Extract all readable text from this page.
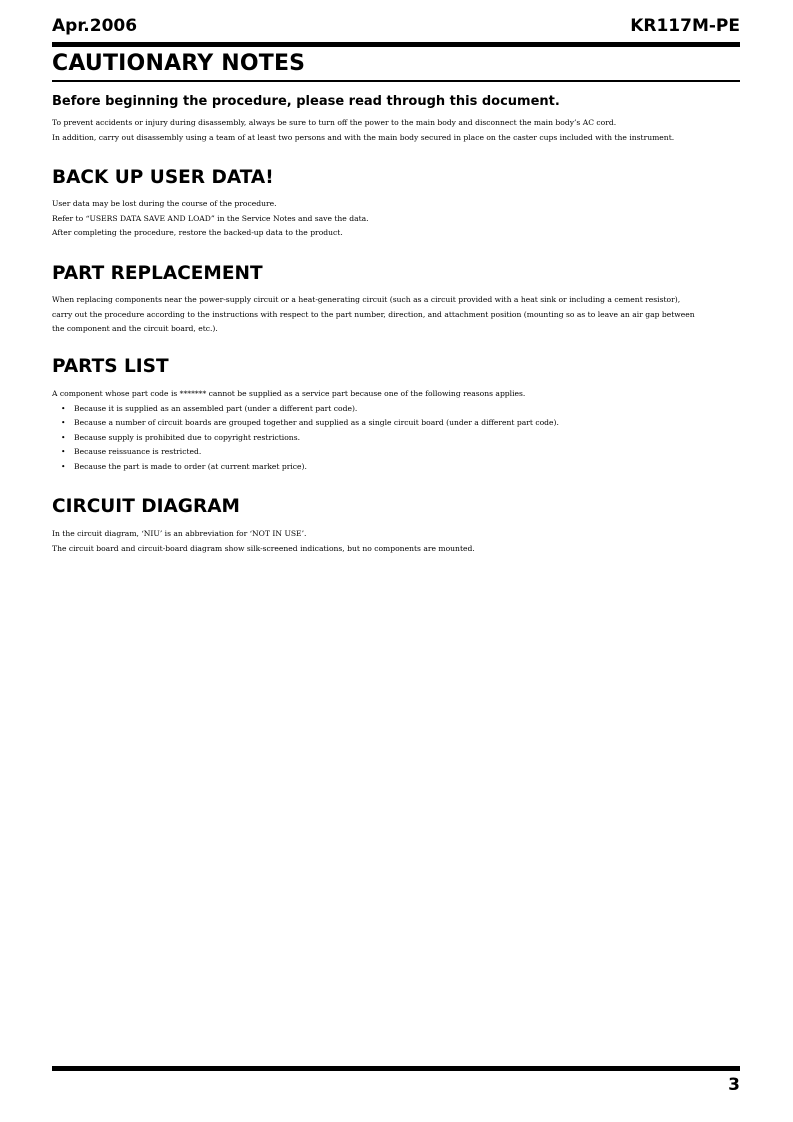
Apr.2006	KR117M-PE
CAUTIONARY NOTES
Before beginning the procedure, please read through this document.

To prevent accidents or injury during disassembly, always be sure to turn off the power to the main body and disconnect the main body’s AC cord.

In addition, carry out disassembly using a team of at least two persons and with the main body secured in place on the caster cups included with the instrument.

BACK UP USER DATA!

User data may be lost during the course of the procedure.

Refer to “USERS DATA SAVE AND LOAD” in the Service Notes and save the data.

After completing the procedure, restore the backed-up data to the product.

PART REPLACEMENT

When replacing components near the power-supply circuit or a heat-generating circuit (such as a circuit provided with a heat sink or including a cement resistor),

carry out the procedure according to the instructions with respect to the part number, direction, and attachment position (mounting so as to leave an air gap between

the component and the circuit board, etc.).

PARTS LIST

A component whose part code is ******* cannot be supplied as a service part because one of the following reasons applies.

• Because it is supplied as an assembled part (under a different part code).
• Because a number of circuit boards are grouped together and supplied as a single circuit board (under a different part code).
• Because supply is prohibited due to copyright restrictions.
• Because reissuance is restricted.
• Because the part is made to order (at current market price).
CIRCUIT DIAGRAM

In the circuit diagram, ‘NIU’ is an abbreviation for ‘NOT IN USE’.

The circuit board and circuit-board diagram show silk-screened indications, but no components are mounted.

3
